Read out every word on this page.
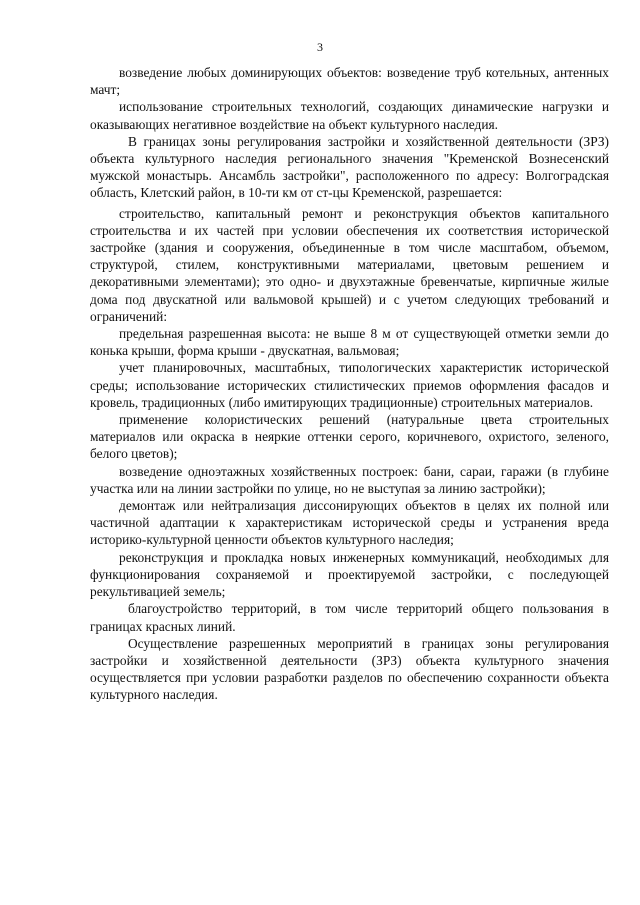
3

возведение любых доминирующих объектов: возведение труб котельных, антенных мачт;

использование строительных технологий, создающих динамические нагрузки и оказывающих негативное воздействие на объект культурного наследия.

В границах зоны регулирования застройки и хозяйственной деятельности (ЗРЗ) объекта культурного наследия регионального значения "Кременской Вознесенский мужской монастырь. Ансамбль застройки", расположенного по адресу: Волгоградская область, Клетский район, в 10-ти км от ст-цы Кременской, разрешается:

строительство, капитальный ремонт и реконструкция объектов капитального строительства и их частей при условии обеспечения их соответствия исторической застройке (здания и сооружения, объединенные в том числе масштабом, объемом, структурой, стилем, конструктивными материалами, цветовым решением и декоративными элементами); это одно- и двухэтажные бревенчатые, кирпичные жилые дома под двускатной или вальмовой крышей) и с учетом следующих требований и ограничений:

предельная разрешенная высота: не выше 8 м от существующей отметки земли до конька крыши, форма крыши - двускатная, вальмовая;

учет планировочных, масштабных, типологических характеристик исторической среды; использование исторических стилистических приемов оформления фасадов и кровель, традиционных (либо имитирующих традиционные) строительных материалов.

применение колористических решений (натуральные цвета строительных материалов или окраска в неяркие оттенки серого, коричневого, охристого, зеленого, белого цветов);

возведение одноэтажных хозяйственных построек: бани, сараи, гаражи (в глубине участка или на линии застройки по улице, но не выступая за линию застройки);

демонтаж или нейтрализация диссонирующих объектов в целях их полной или частичной адаптации к характеристикам исторической среды и устранения вреда историко-культурной ценности объектов культурного наследия;

реконструкция и прокладка новых инженерных коммуникаций, необходимых для функционирования сохраняемой и проектируемой застройки, с последующей рекультивацией земель;

благоустройство территорий, в том числе территорий общего пользования в границах красных линий.

Осуществление разрешенных мероприятий в границах зоны регулирования застройки и хозяйственной деятельности (ЗРЗ) объекта культурного значения осуществляется при условии разработки разделов по обеспечению сохранности объекта культурного наследия.
